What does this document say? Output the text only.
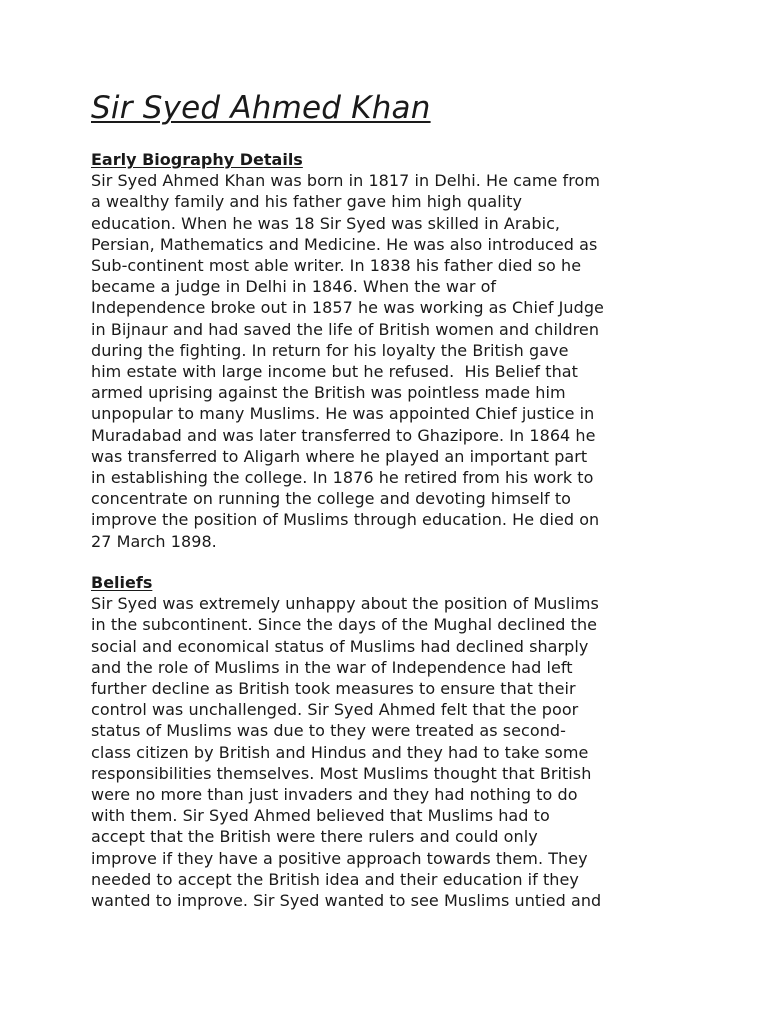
Sir Syed Ahmed Khan
Early Biography Details

Sir Syed Ahmed Khan was born in 1817 in Delhi. He came from
a wealthy family and his father gave him high quality
education. When he was 18 Sir Syed was skilled in Arabic,
Persian, Mathematics and Medicine. He was also introduced as
Sub-continent most able writer. In 1838 his father died so he
became a judge in Delhi in 1846. When the war of
Independence broke out in 1857 he was working as Chief Judge
in Bijnaur and had saved the life of British women and children
during the fighting. In return for his loyalty the British gave
him estate with large income but he refused.  His Belief that
armed uprising against the British was pointless made him
unpopular to many Muslims. He was appointed Chief justice in
Muradabad and was later transferred to Ghazipore. In 1864 he
was transferred to Aligarh where he played an important part
in establishing the college. In 1876 he retired from his work to
concentrate on running the college and devoting himself to
improve the position of Muslims through education. He died on
27 March 1898.

Beliefs

Sir Syed was extremely unhappy about the position of Muslims
in the subcontinent. Since the days of the Mughal declined the
social and economical status of Muslims had declined sharply
and the role of Muslims in the war of Independence had left
further decline as British took measures to ensure that their
control was unchallenged. Sir Syed Ahmed felt that the poor
status of Muslims was due to they were treated as second-
class citizen by British and Hindus and they had to take some
responsibilities themselves. Most Muslims thought that British
were no more than just invaders and they had nothing to do
with them. Sir Syed Ahmed believed that Muslims had to
accept that the British were there rulers and could only
improve if they have a positive approach towards them. They
needed to accept the British idea and their education if they
wanted to improve. Sir Syed wanted to see Muslims untied and
